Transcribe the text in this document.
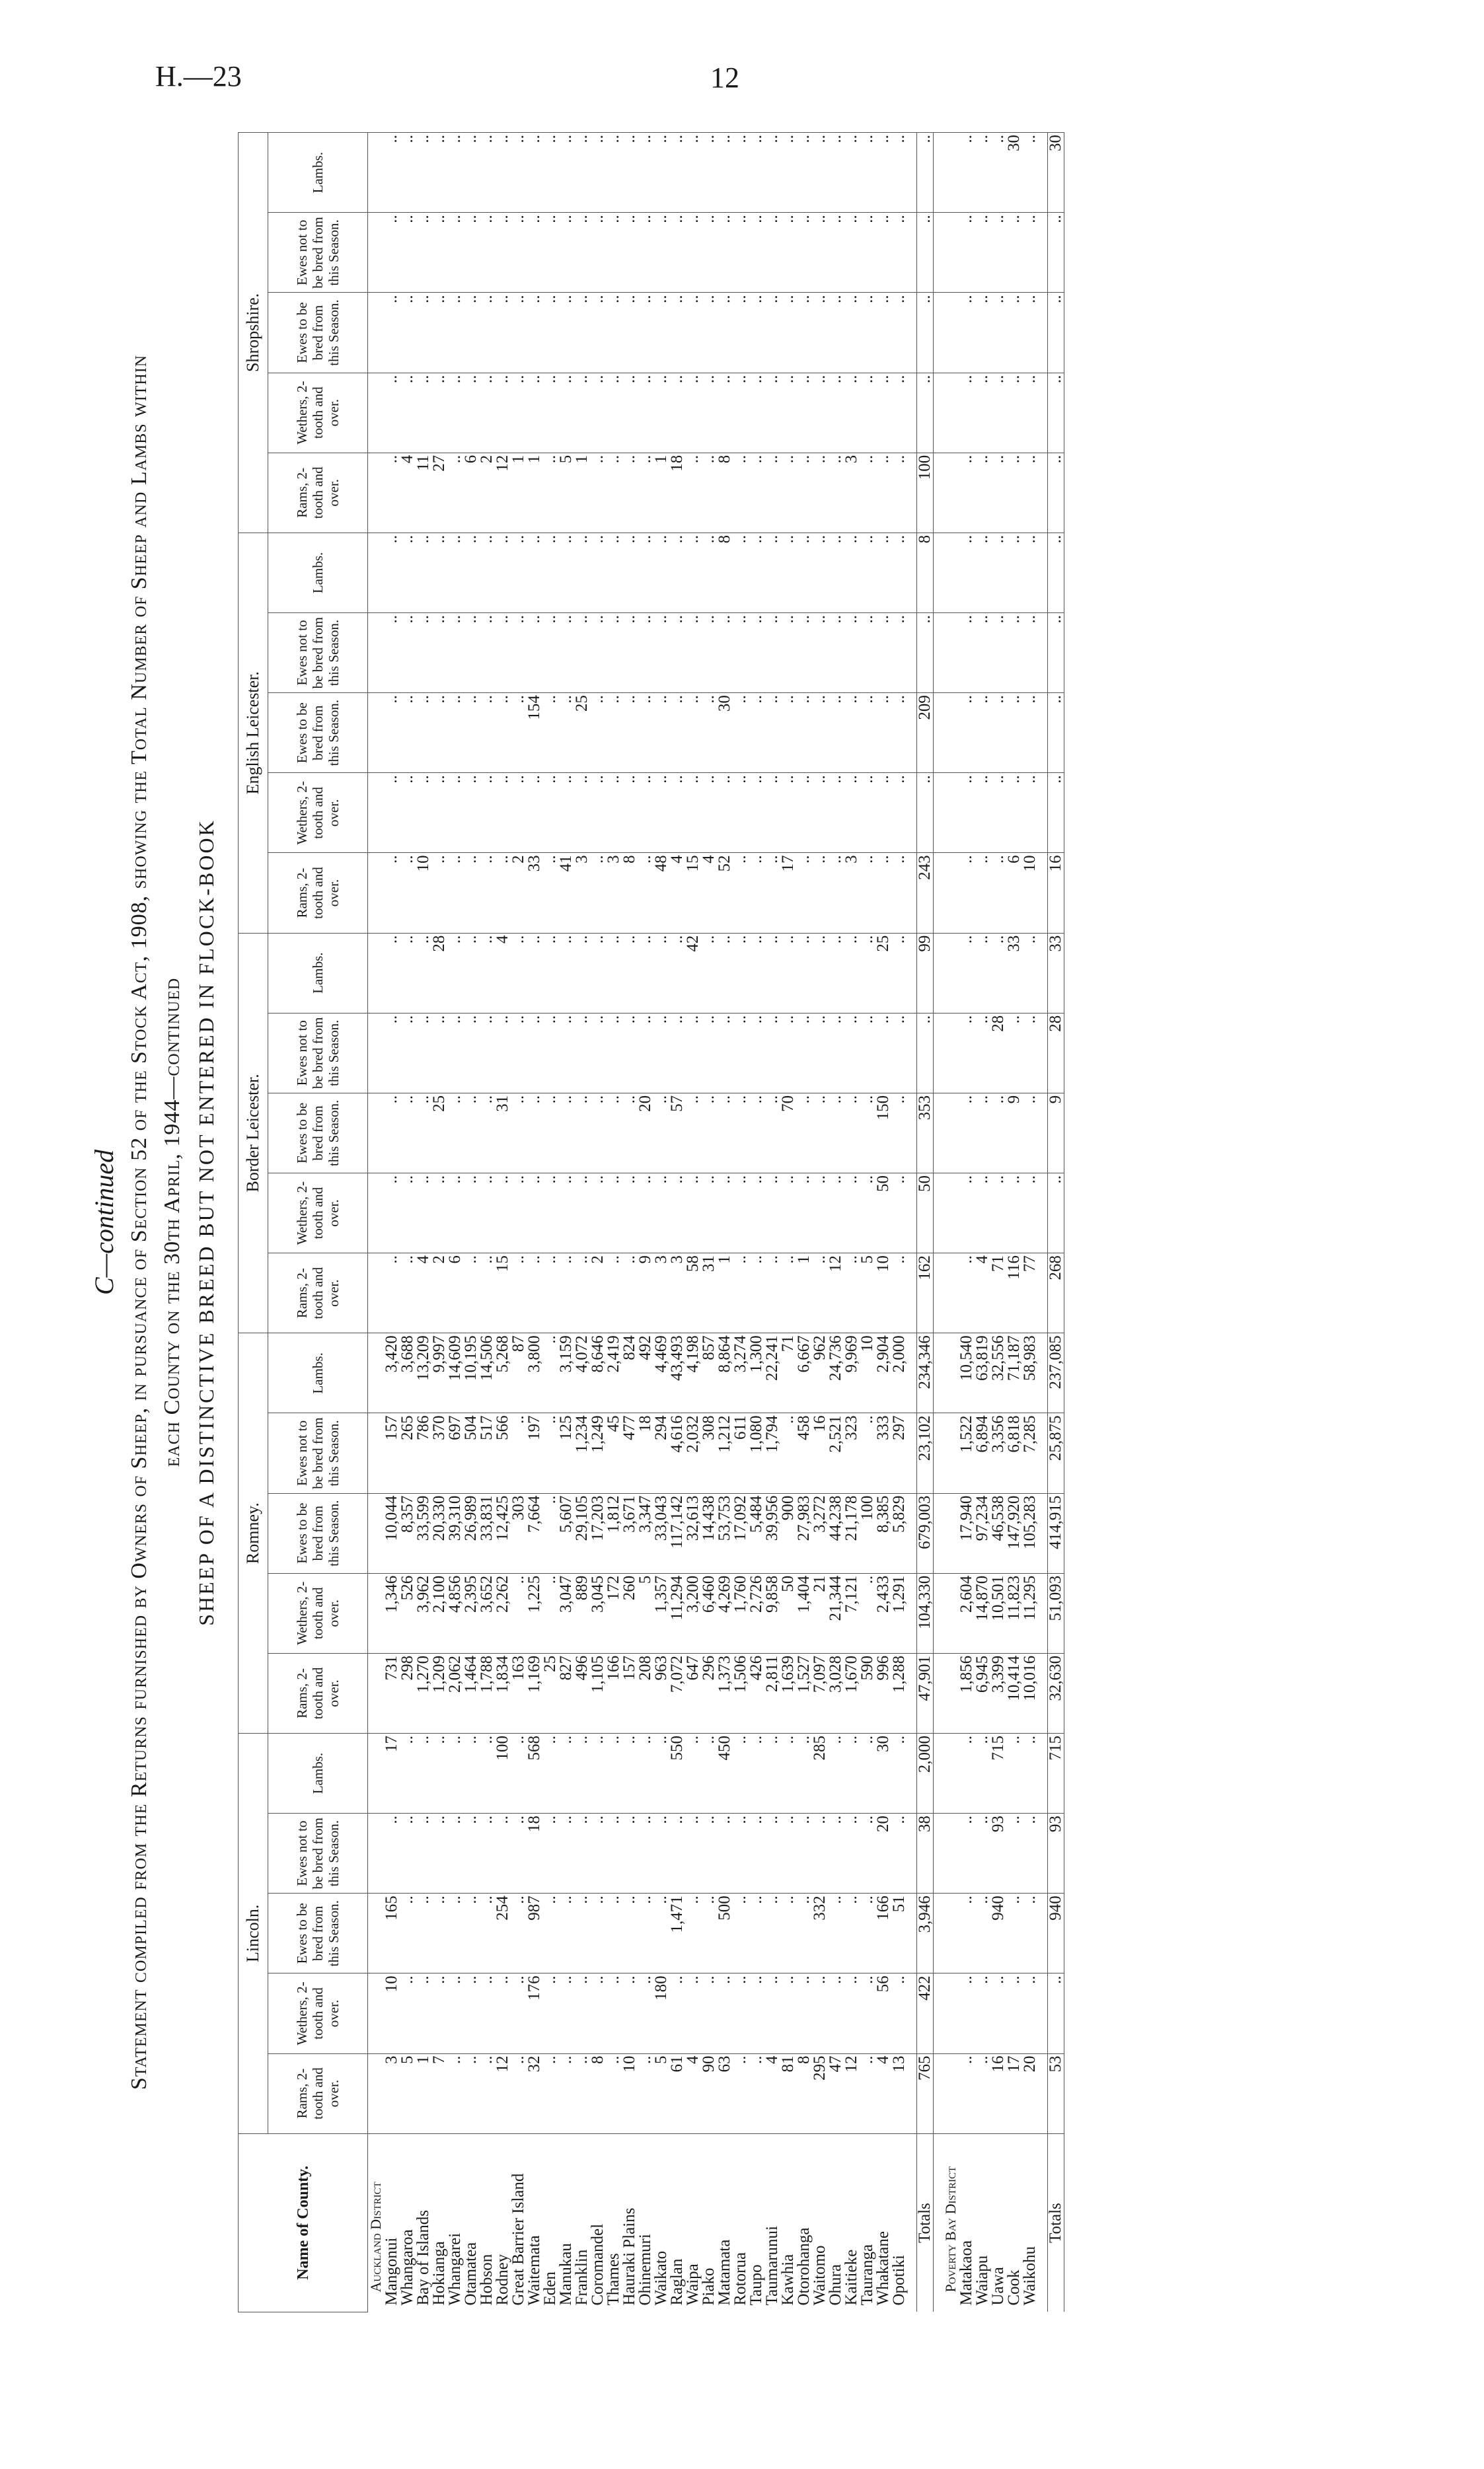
H.—23	12
C—continued Statement compiled from the Returns furnished by Owners of Sheep, in pursuance of Section 52 of the Stock Act, 1908, showing the Total Number of Sheep and Lambs within each County on the 30th April, 1944—continued SHEEP OF A DISTINCTIVE BREED BUT NOT ENTERED IN FLOCK-BOOK
Name of County.	Lincoln.					Romney.					Border Leicester.					English Leicester.					Shropshire.				
	Rams, 2-tooth and over.	Wethers, 2-tooth and over.	Ewes to be bred from this Season.	Ewes not to be bred from this Season.	Lambs.	Rams, 2-tooth and over.	Wethers, 2-tooth and over.	Ewes to be bred from this Season.	Ewes not to be bred from this Season.	Lambs.	Rams, 2-tooth and over.	Wethers, 2-tooth and over.	Ewes to be bred from this Season.	Ewes not to be bred from this Season.	Lambs.	Rams, 2-tooth and over.	Wethers, 2-tooth and over.	Ewes to be bred from this Season.	Ewes not to be bred from this Season.	Lambs.	Rams, 2-tooth and over.	Wethers, 2-tooth and over.	Ewes to be bred from this Season.	Ewes not to be bred from this Season.	Lambs.
Auckland District																									
Mangonui	3	10	165	..	17	731	1,346	10,044	157	3,420	..	..	..	..	..	..	..	..	..	..	..	..	..	..	..
Whangaroa	5	..	..	..	..	298	526	8,357	265	3,688	..	..	..	..	..	..	..	..	..	..	4	..	..	..	..
Bay of Islands	1	..	..	..	..	1,270	3,962	33,599	786	13,209	4	..	..	..	..	10	..	..	..	..	11	..	..	..	..
Hokianga	7	..	..	..	..	1,209	2,100	20,330	370	9,997	2	..	25	..	28	..	..	..	..	..	27	..	..	..	..
Whangarei	..	..	..	..	..	2,062	4,856	39,310	697	14,609	6	..	..	..	..	..	..	..	..	..	..	..	..	..	..
Otamatea	..	..	..	..	..	1,464	2,395	26,989	504	10,195	..	..	..	..	..	..	..	..	..	..	6	..	..	..	..
Hobson	..	..	..	..	..	1,788	3,652	33,831	517	14,506	..	..	..	..	..	..	..	..	..	..	2	..	..	..	..
Rodney	12	..	254	..	100	1,834	2,262	12,425	566	5,268	15	..	31	..	4	..	..	..	..	..	12	..	..	..	..
Great Barrier Island	..	..	..	..	..	163	..	303	..	87	..	..	..	..	..	2	..	..	..	..	1	..	..	..	..
Waitemata	32	176	987	18	568	1,169	1,225	7,664	197	3,800	..	..	..	..	..	33	..	154	..	..	1	..	..	..	..
Eden	..	..	..	..	..	25	..	..	..	..	..	..	..	..	..	..	..	..	..	..	..	..	..	..	..
Manukau	..	..	..	..	..	827	3,047	5,607	125	3,159	..	..	..	..	..	41	..	..	..	..	5	..	..	..	..
Franklin	..	..	..	..	..	496	889	29,105	1,234	4,072	..	..	..	..	..	3	..	25	..	..	1	..	..	..	..
Coromandel	8	..	..	..	..	1,105	3,045	17,203	1,249	8,646	2	..	..	..	..	..	..	..	..	..	..	..	..	..	..
Thames	..	..	..	..	..	166	172	1,812	45	2,419	..	..	..	..	..	3	..	..	..	..	..	..	..	..	..
Hauraki Plains	10	..	..	..	..	157	260	3,671	477	824	..	..	..	..	..	8	..	..	..	..	..	..	..	..	..
Ohinemuri	..	..	..	..	..	208	5	3,347	18	492	9	..	20	..	..	..	..	..	..	..	..	..	..	..	..
Waikato	5	180	..	..	..	963	1,357	33,043	294	4,469	3	..	..	..	..	48	..	..	..	..	1	..	..	..	..
Raglan	61	..	1,471	..	550	7,072	11,294	117,142	4,616	43,493	3	..	57	..	..	4	..	..	..	..	18	..	..	..	..
Waipa	4	..	..	..	..	647	3,200	32,613	2,032	4,198	58	..	..	..	42	15	..	..	..	..	..	..	..	..	..
Piako	90	..	..	..	..	296	6,460	14,438	308	857	31	..	..	..	..	4	..	..	..	..	..	..	..	..	..
Matamata	63	..	500	..	450	1,373	4,269	53,753	1,212	8,864	1	..	..	..	..	52	..	30	..	8	8	..	..	..	..
Rotorua	..	..	..	..	..	1,506	1,760	17,092	611	3,274	..	..	..	..	..	..	..	..	..	..	..	..	..	..	..
Taupo	..	..	..	..	..	426	2,726	5,484	1,080	1,300	..	..	..	..	..	..	..	..	..	..	..	..	..	..	..
Taumarunui	4	..	..	..	..	2,811	9,858	39,956	1,794	22,241	..	..	..	..	..	..	..	..	..	..	..	..	..	..	..
Kawhia	81	..	..	..	..	1,639	50	900	..	71	..	..	70	..	..	17	..	..	..	..	..	..	..	..	..
Otorohanga	8	..	..	..	..	1,527	1,404	27,983	458	6,667	1	..	..	..	..	..	..	..	..	..	..	..	..	..	..
Waitomo	295	..	332	..	285	7,097	21	3,272	16	962	..	..	..	..	..	..	..	..	..	..	..	..	..	..	..
Ohura	47	..	..	..	..	3,028	21,344	44,238	2,521	24,736	12	..	..	..	..	..	..	..	..	..	..	..	..	..	..
Kaitieke	12	..	..	..	..	1,670	7,121	21,178	323	9,969	..	..	..	..	..	3	..	..	..	..	3	..	..	..	..
Tauranga	..	..	..	..	..	590	..	100	..	10	5	..	..	..	..	..	..	..	..	..	..	..	..	..	..
Whakatane	4	56	166	20	30	996	2,433	8,385	333	2,904	10	50	150	..	25	..	..	..	..	..	..	..	..	..	..
Opotiki	13	..	51	..	..	1,288	1,291	5,829	297	2,000	..	..	..	..	..	..	..	..	..	..	..	..	..	..	..

Totals	765	422	3,946	38	2,000	47,901	104,330	679,003	23,102	234,346	162	50	353	..	99	243	..	209	..	8	100	..	..	..	..

Poverty Bay District																									
Matakaoa	..	..	..	..	..	1,856	2,604	17,940	1,522	10,540	..	..	..	..	..	..	..	..	..	..	..	..	..	..	..
Waiapu	..	..	..	..	..	6,945	14,870	97,234	6,894	63,819	4	..	..	..	..	..	..	..	..	..	..	..	..	..	..
Uawa	16	..	940	93	715	3,399	10,501	46,538	3,356	32,556	71	..	..	28	..	..	..	..	..	..	..	..	..	..	..
Cook	17	..	..	..	..	10,414	11,823	147,920	6,818	71,187	116	..	9	..	33	6	..	..	..	..	..	..	..	..	30
Waikohu	20	..	..	..	..	10,016	11,295	105,283	7,285	58,983	77	..	..	..	..	10	..	..	..	..	..	..	..	..	..

Totals	53	..	940	93	715	32,630	51,093	414,915	25,875	237,085	268	..	9	28	33	16	..	..	..	..	..	..	..	..	30
